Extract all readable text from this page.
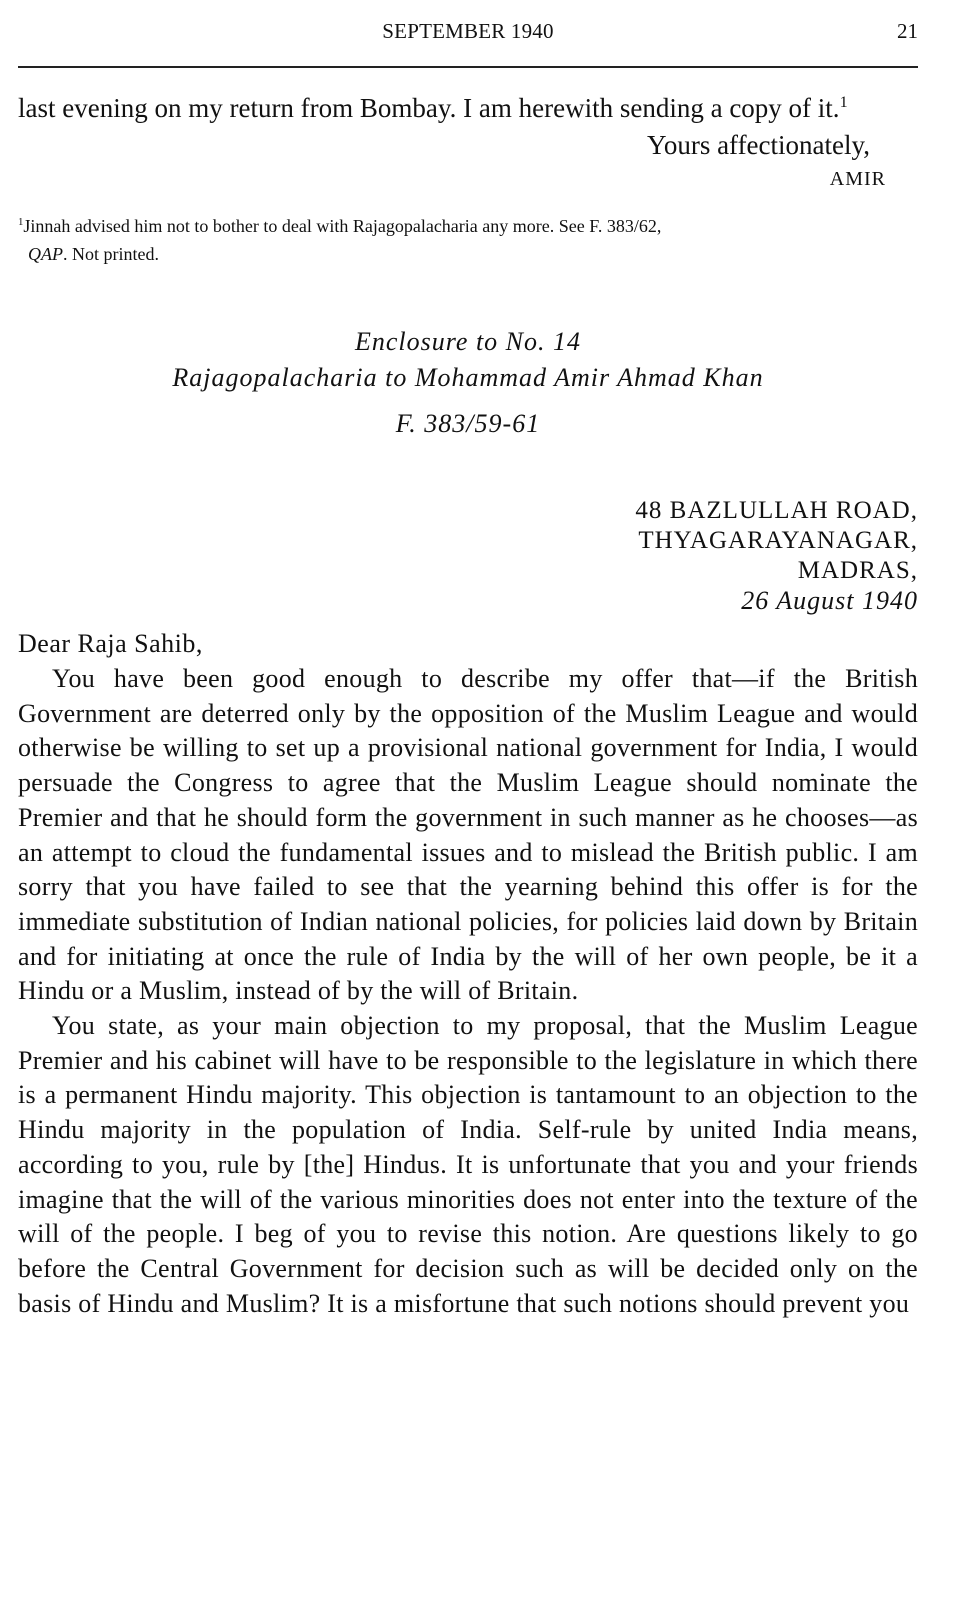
SEPTEMBER 1940	21

last evening on my return from Bombay. I am herewith sending a copy of it.$^1$

Yours affectionately,

AMIR

$^1$Jinnah advised him not to bother to deal with Rajagopalacharia any more. See F. 383/62,
QAP. Not printed.

Enclosure to No. 14
Rajagopalacharia to Mohammad Amir Ahmad Khan
F. 383/59-61
48 BAZLULLAH ROAD,
THYAGARAYANAGAR,
MADRAS,
26 August 1940
Dear Raja Sahib,

You have been good enough to describe my offer that—if the British Government are deterred only by the opposition of the Muslim League and would otherwise be willing to set up a provisional national government for India, I would persuade the Congress to agree that the Muslim League should nominate the Premier and that he should form the government in such manner as he chooses—as an attempt to cloud the fundamental issues and to mislead the British public. I am sorry that you have failed to see that the yearning behind this offer is for the immediate substitution of Indian national policies, for policies laid down by Britain and for initiating at once the rule of India by the will of her own people, be it a Hindu or a Muslim, instead of by the will of Britain.

You state, as your main objection to my proposal, that the Muslim League Premier and his cabinet will have to be responsible to the legislature in which there is a permanent Hindu majority. This objection is tantamount to an objection to the Hindu majority in the population of India. Self-rule by united India means, according to you, rule by [the] Hindus. It is unfortunate that you and your friends imagine that the will of the various minorities does not enter into the texture of the will of the people. I beg of you to revise this notion. Are questions likely to go before the Central Government for decision such as will be decided only on the basis of Hindu and Muslim? It is a misfortune that such notions should prevent you
